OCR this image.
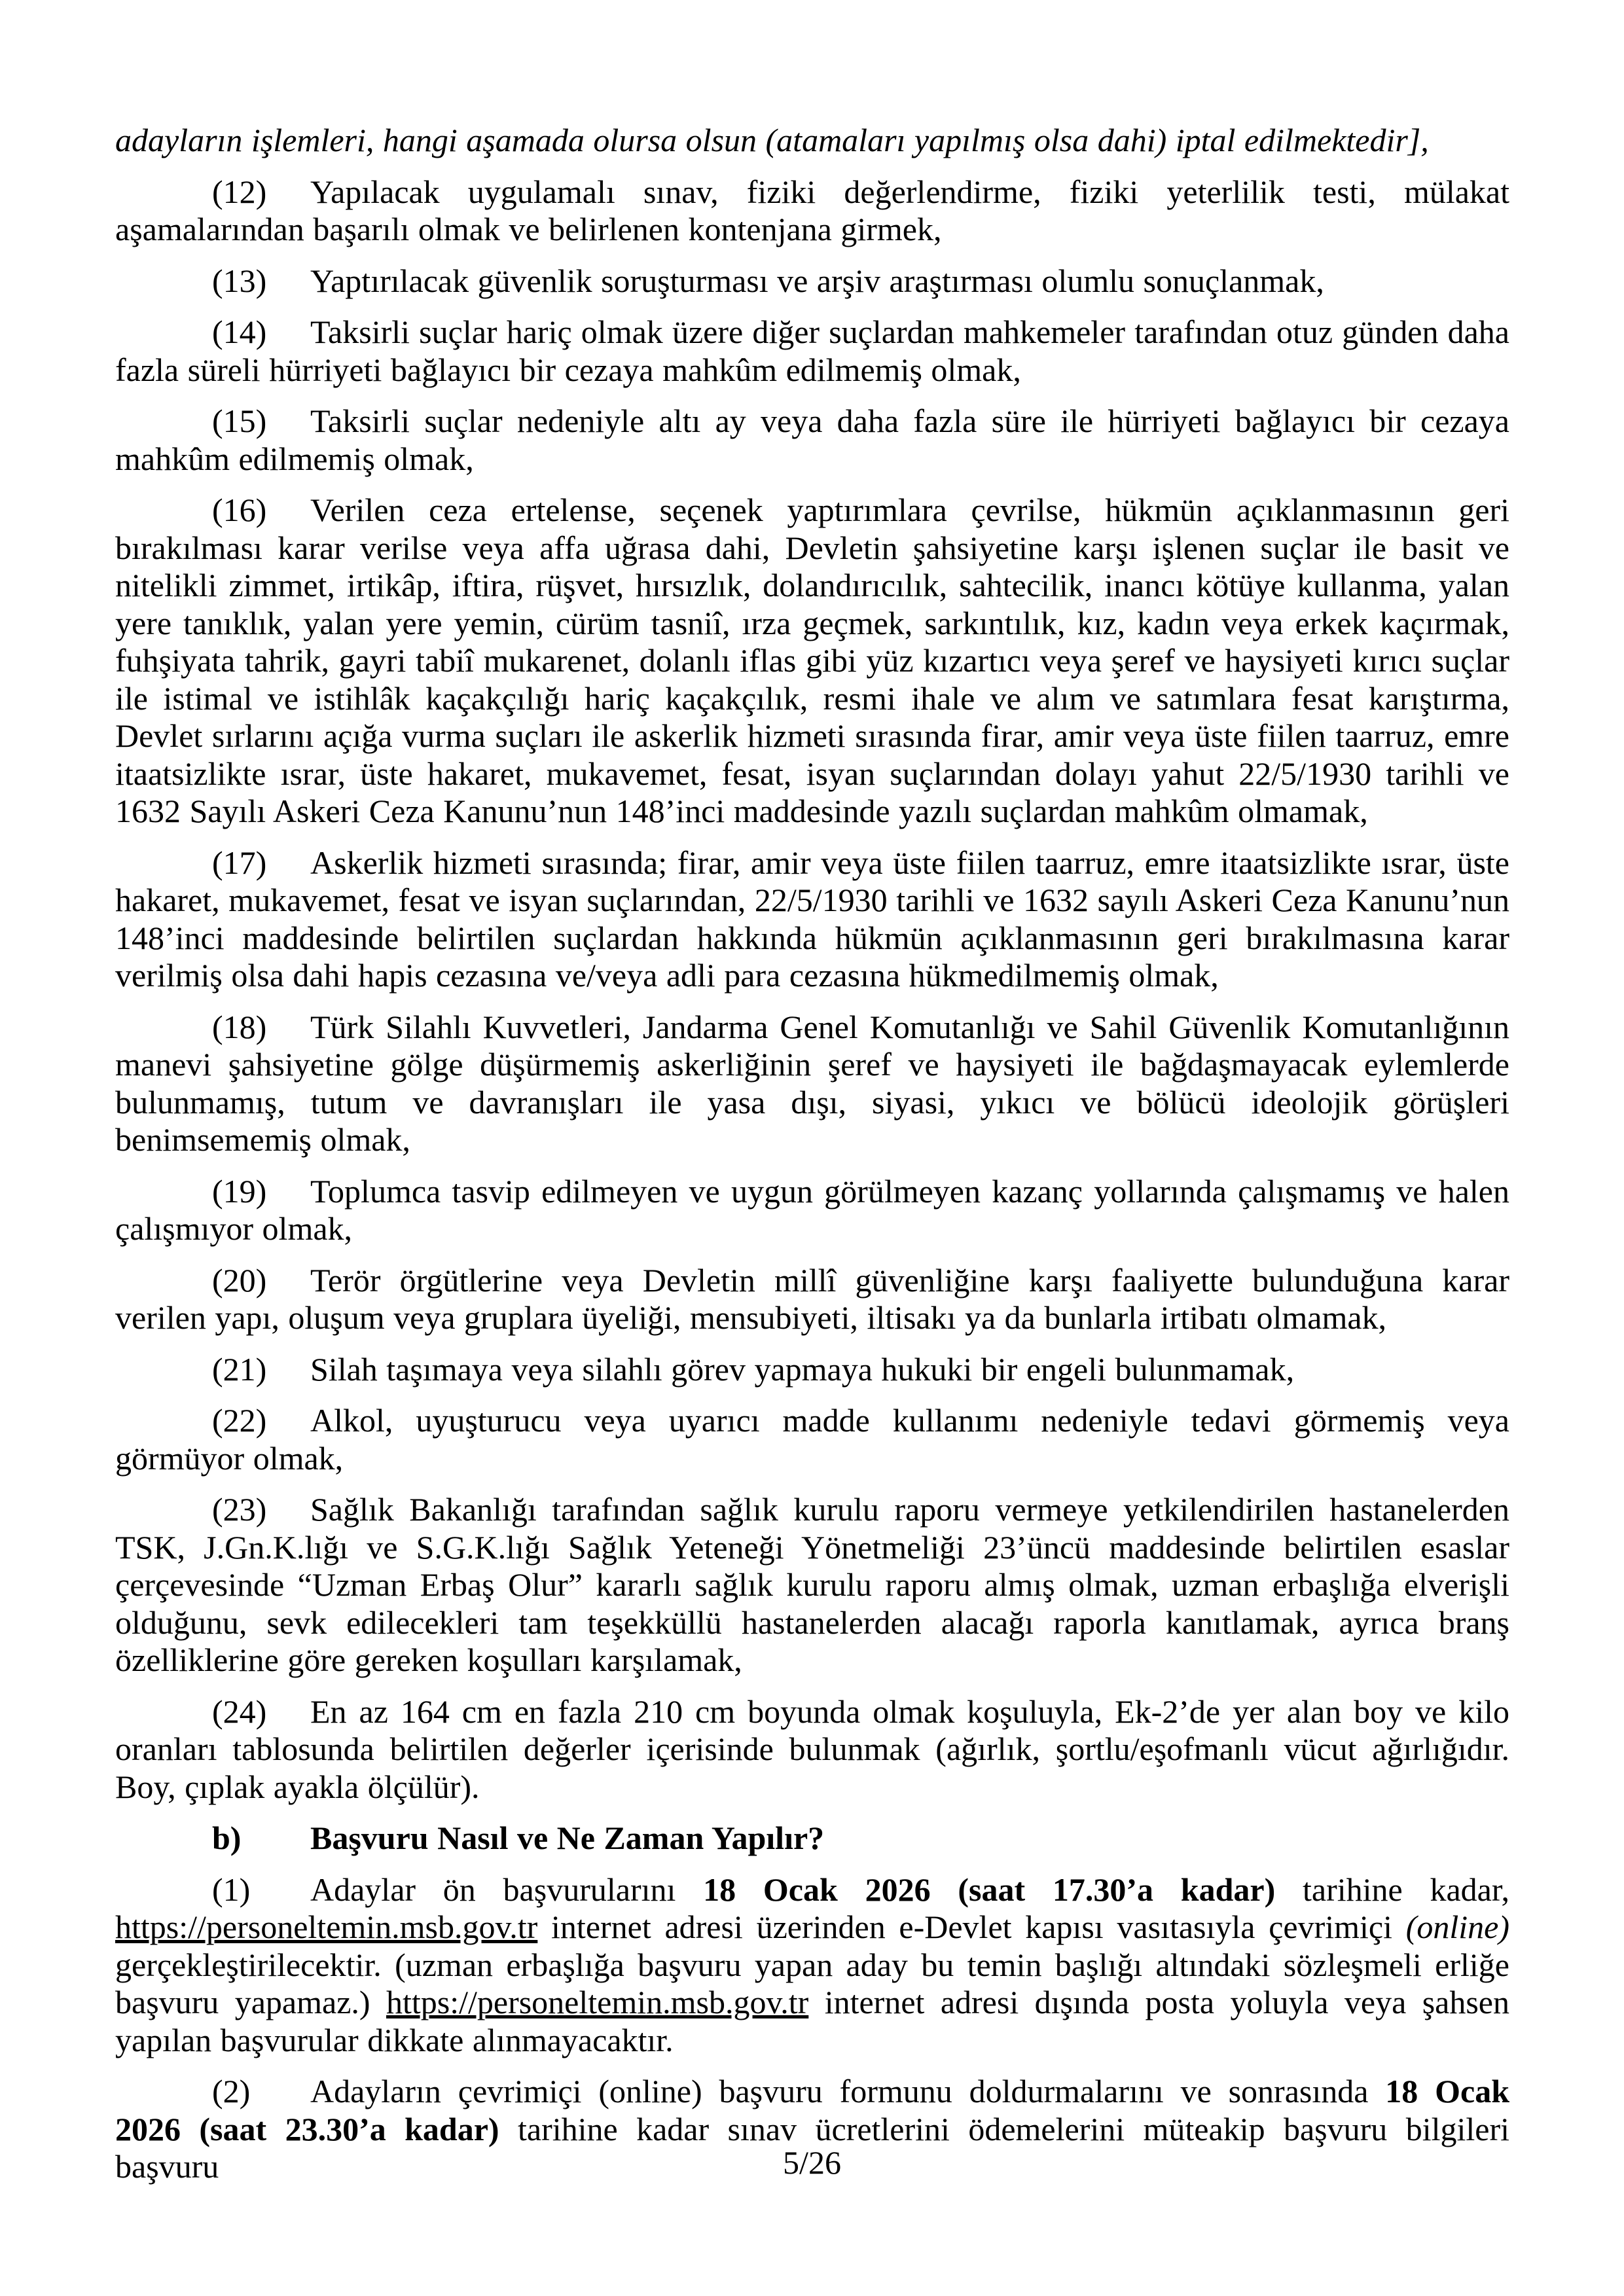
adayların işlemleri, hangi aşamada olursa olsun (atamaları yapılmış olsa dahi) iptal edilmektedir],

(12) Yapılacak uygulamalı sınav, fiziki değerlendirme, fiziki yeterlilik testi, mülakat aşamalarından başarılı olmak ve belirlenen kontenjana girmek,

(13) Yaptırılacak güvenlik soruşturması ve arşiv araştırması olumlu sonuçlanmak,

(14) Taksirli suçlar hariç olmak üzere diğer suçlardan mahkemeler tarafından otuz günden daha fazla süreli hürriyeti bağlayıcı bir cezaya mahkûm edilmemiş olmak,

(15) Taksirli suçlar nedeniyle altı ay veya daha fazla süre ile hürriyeti bağlayıcı bir cezaya mahkûm edilmemiş olmak,

(16) Verilen ceza ertelense, seçenek yaptırımlara çevrilse, hükmün açıklanmasının geri bırakılması karar verilse veya affa uğrasa dahi, Devletin şahsiyetine karşı işlenen suçlar ile basit ve nitelikli zimmet, irtikâp, iftira, rüşvet, hırsızlık, dolandırıcılık, sahtecilik, inancı kötüye kullanma, yalan yere tanıklık, yalan yere yemin, cürüm tasniî, ırza geçmek, sarkıntılık, kız, kadın veya erkek kaçırmak, fuhşiyata tahrik, gayri tabiî mukarenet, dolanlı iflas gibi yüz kızartıcı veya şeref ve haysiyeti kırıcı suçlar ile istimal ve istihlâk kaçakçılığı hariç kaçakçılık, resmi ihale ve alım ve satımlara fesat karıştırma, Devlet sırlarını açığa vurma suçları ile askerlik hizmeti sırasında firar, amir veya üste fiilen taarruz, emre itaatsizlikte ısrar, üste hakaret, mukavemet, fesat, isyan suçlarından dolayı yahut 22/5/1930 tarihli ve 1632 Sayılı Askeri Ceza Kanunu’nun 148’inci maddesinde yazılı suçlardan mahkûm olmamak,

(17) Askerlik hizmeti sırasında; firar, amir veya üste fiilen taarruz, emre itaatsizlikte ısrar, üste hakaret, mukavemet, fesat ve isyan suçlarından, 22/5/1930 tarihli ve 1632 sayılı Askeri Ceza Kanunu’nun 148’inci maddesinde belirtilen suçlardan hakkında hükmün açıklanmasının geri bırakılmasına karar verilmiş olsa dahi hapis cezasına ve/veya adli para cezasına hükmedilmemiş olmak,

(18) Türk Silahlı Kuvvetleri, Jandarma Genel Komutanlığı ve Sahil Güvenlik Komutanlığının manevi şahsiyetine gölge düşürmemiş askerliğinin şeref ve haysiyeti ile bağdaşmayacak eylemlerde bulunmamış, tutum ve davranışları ile yasa dışı, siyasi, yıkıcı ve bölücü ideolojik görüşleri benimsememiş olmak,

(19) Toplumca tasvip edilmeyen ve uygun görülmeyen kazanç yollarında çalışmamış ve halen çalışmıyor olmak,

(20) Terör örgütlerine veya Devletin millî güvenliğine karşı faaliyette bulunduğuna karar verilen yapı, oluşum veya gruplara üyeliği, mensubiyeti, iltisakı ya da bunlarla irtibatı olmamak,

(21) Silah taşımaya veya silahlı görev yapmaya hukuki bir engeli bulunmamak,

(22) Alkol, uyuşturucu veya uyarıcı madde kullanımı nedeniyle tedavi görmemiş veya görmüyor olmak,

(23) Sağlık Bakanlığı tarafından sağlık kurulu raporu vermeye yetkilendirilen hastanelerden TSK, J.Gn.K.lığı ve S.G.K.lığı Sağlık Yeteneği Yönetmeliği 23’üncü maddesinde belirtilen esaslar çerçevesinde “Uzman Erbaş Olur” kararlı sağlık kurulu raporu almış olmak, uzman erbaşlığa elverişli olduğunu, sevk edilecekleri tam teşekküllü hastanelerden alacağı raporla kanıtlamak, ayrıca branş özelliklerine göre gereken koşulları karşılamak,

(24) En az 164 cm en fazla 210 cm boyunda olmak koşuluyla, Ek-2’de yer alan boy ve kilo oranları tablosunda belirtilen değerler içerisinde bulunmak (ağırlık, şortlu/eşofmanlı vücut ağırlığıdır. Boy, çıplak ayakla ölçülür).

b) Başvuru Nasıl ve Ne Zaman Yapılır?

(1) Adaylar ön başvurularını 18 Ocak 2026 (saat 17.30’a kadar) tarihine kadar, https://personeltemin.msb.gov.tr internet adresi üzerinden e-Devlet kapısı vasıtasıyla çevrimiçi (online) gerçekleştirilecektir. (uzman erbaşlığa başvuru yapan aday bu temin başlığı altındaki sözleşmeli erliğe başvuru yapamaz.) https://personeltemin.msb.gov.tr internet adresi dışında posta yoluyla veya şahsen yapılan başvurular dikkate alınmayacaktır.

(2) Adayların çevrimiçi (online) başvuru formunu doldurmalarını ve sonrasında 18 Ocak 2026 (saat 23.30’a kadar) tarihine kadar sınav ücretlerini ödemelerini müteakip başvuru bilgileri başvuru	5/26
